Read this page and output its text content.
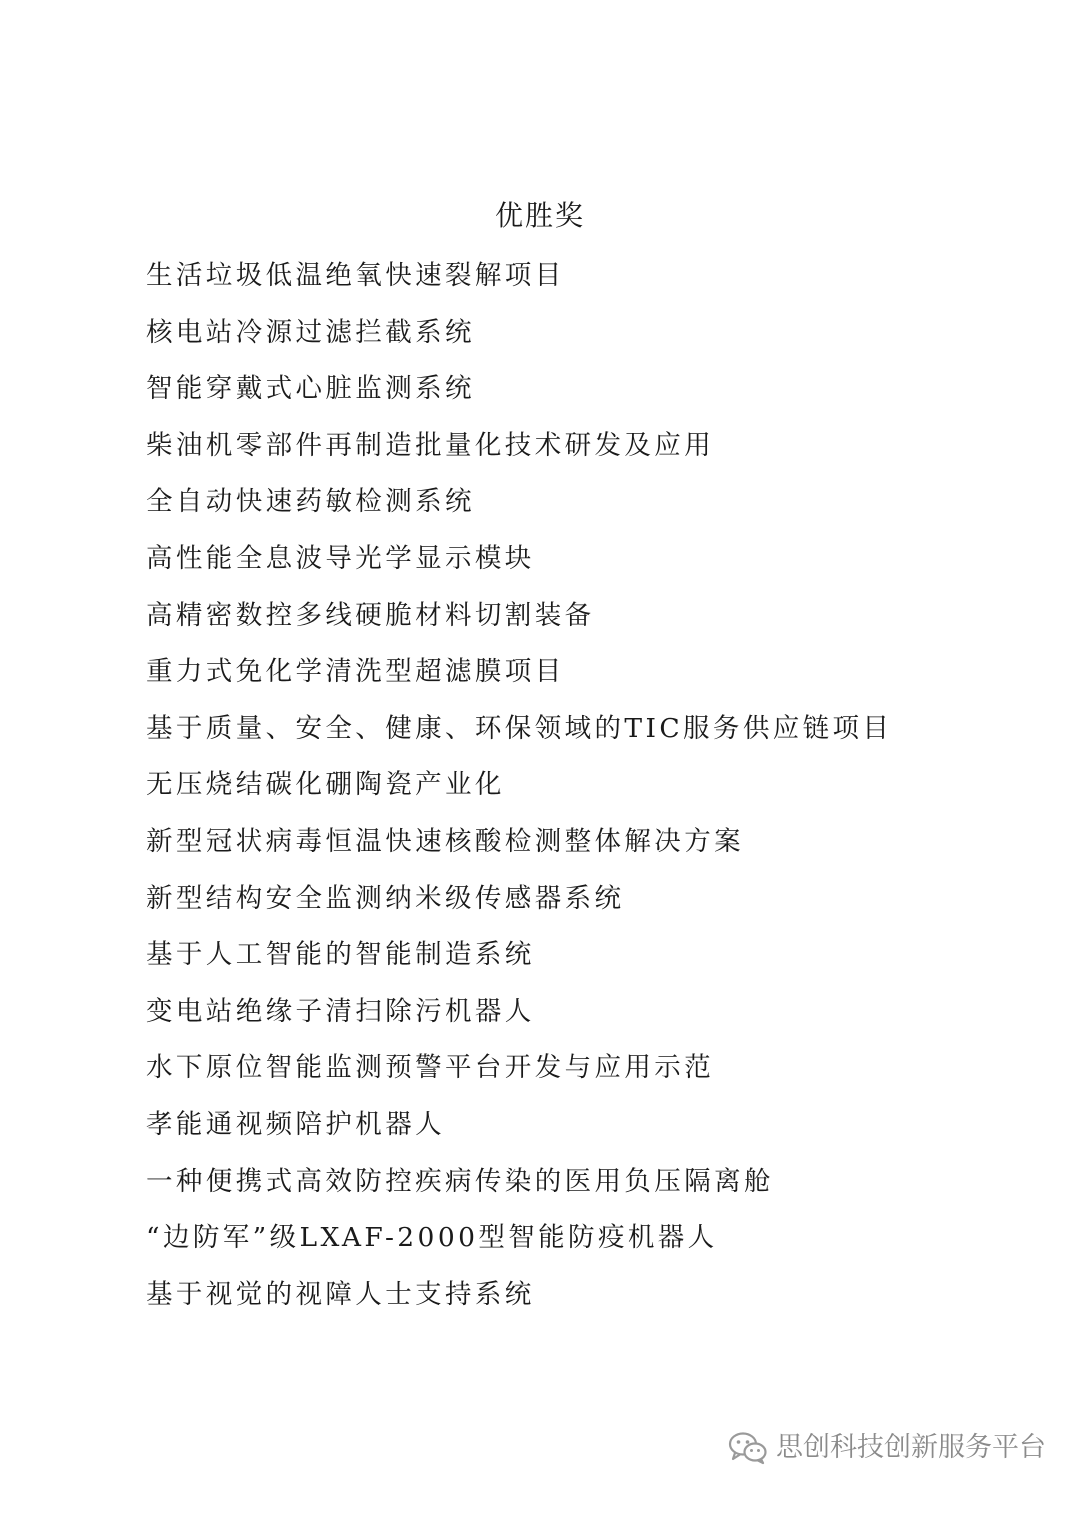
优胜奖
生活垃圾低温绝氧快速裂解项目
核电站冷源过滤拦截系统
智能穿戴式心脏监测系统
柴油机零部件再制造批量化技术研发及应用
全自动快速药敏检测系统
高性能全息波导光学显示模块
高精密数控多线硬脆材料切割装备
重力式免化学清洗型超滤膜项目
基于质量、安全、健康、环保领域的TIC服务供应链项目
无压烧结碳化硼陶瓷产业化
新型冠状病毒恒温快速核酸检测整体解决方案
新型结构安全监测纳米级传感器系统
基于人工智能的智能制造系统
变电站绝缘子清扫除污机器人
水下原位智能监测预警平台开发与应用示范
孝能通视频陪护机器人
一种便携式高效防控疾病传染的医用负压隔离舱
“边防军”级LXAF-2000型智能防疫机器人
基于视觉的视障人士支持系统
思创科技创新服务平台
